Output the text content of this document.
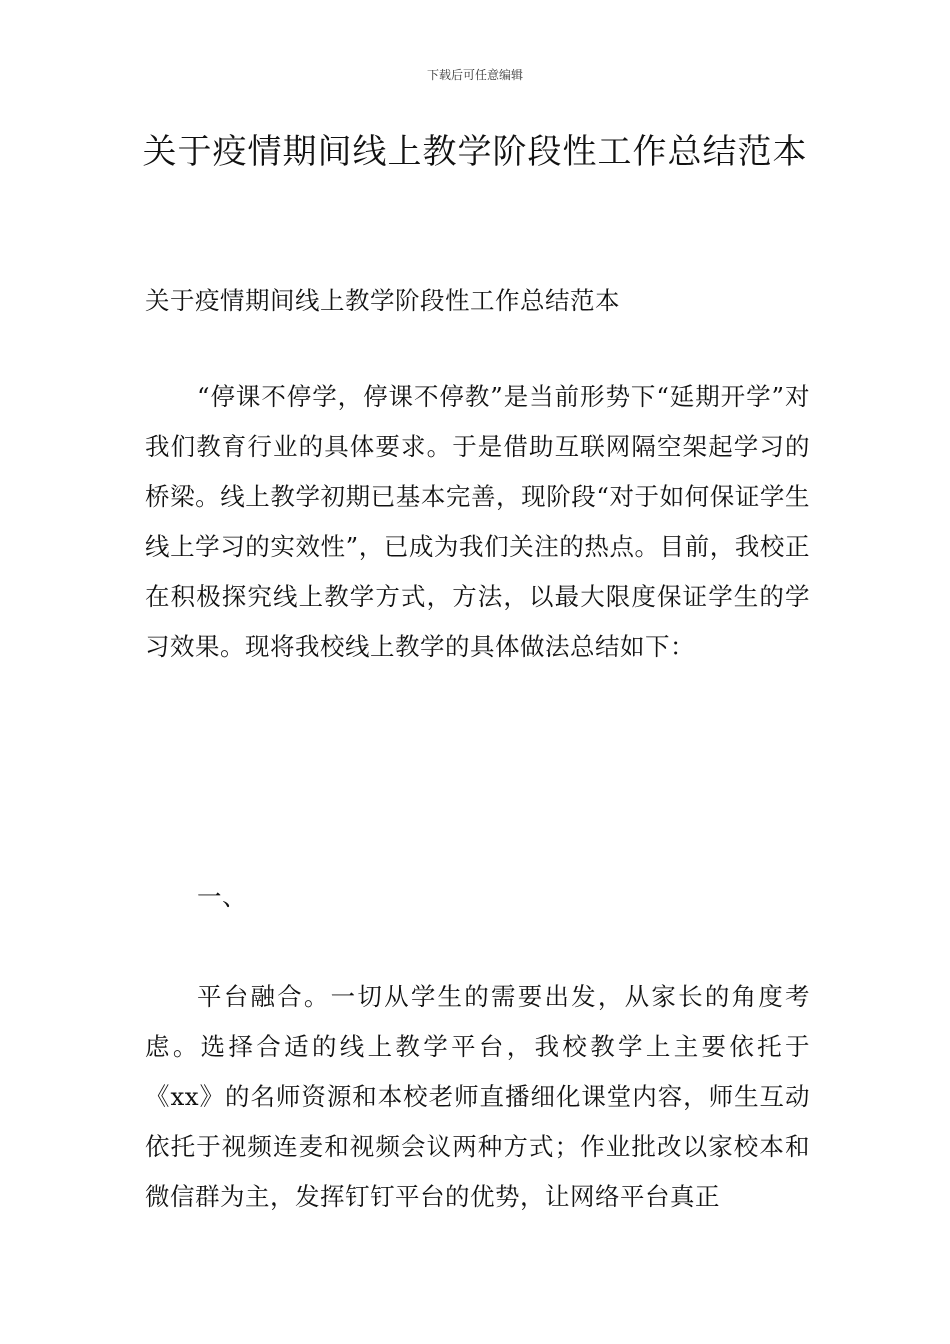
下载后可任意编辑
关于疫情期间线上教学阶段性工作总结范本

关于疫情期间线上教学阶段性工作总结范本

“停课不停学，停课不停教”是当前形势下“延期开学”对我们教育行业的具体要求。于是借助互联网隔空架起学习的桥梁。线上教学初期已基本完善，现阶段“对于如何保证学生线上学习的实效性”，已成为我们关注的热点。目前，我校正在积极探究线上教学方式，方法，以最大限度保证学生的学习效果。现将我校线上教学的具体做法总结如下：

一、

平台融合。一切从学生的需要出发，从家长的角度考虑。选择合适的线上教学平台，我校教学上主要依托于《xx》的名师资源和本校老师直播细化课堂内容，师生互动依托于视频连麦和视频会议两种方式；作业批改以家校本和微信群为主，发挥钉钉平台的优势，让网络平台真正
